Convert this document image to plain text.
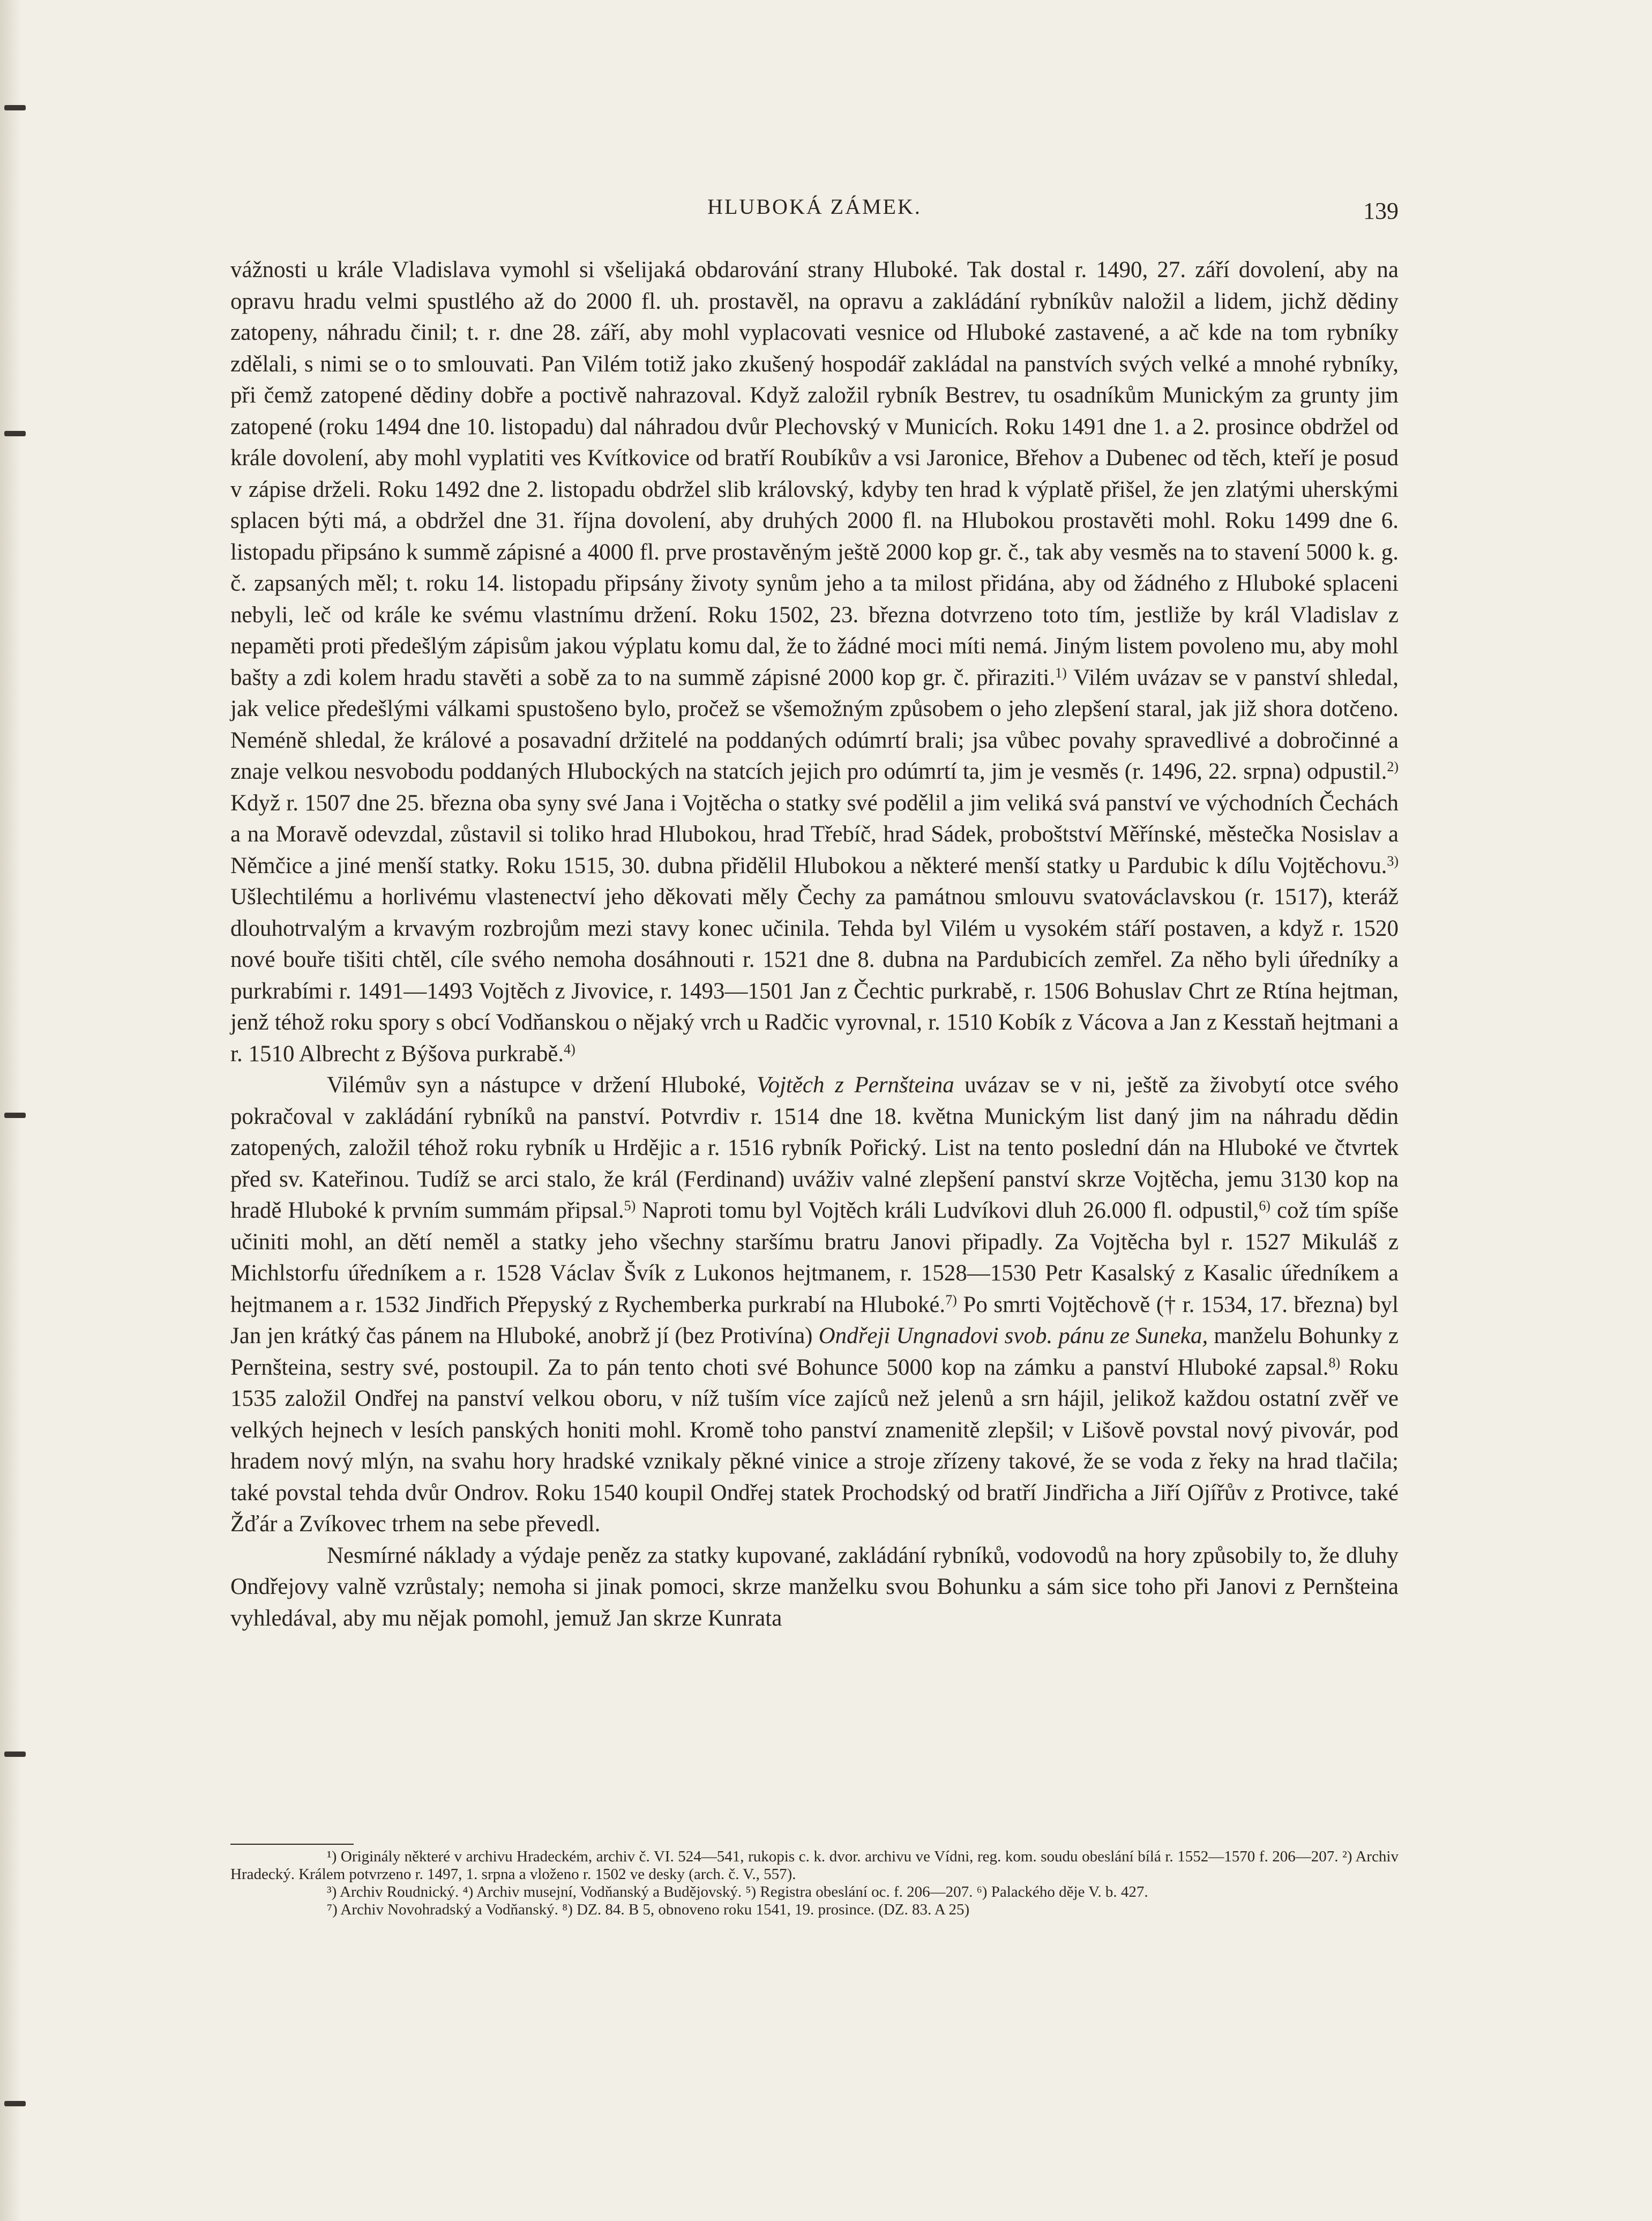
HLUBOKÁ ZÁMEK.	139

vážnosti u krále Vladislava vymohl si všelijaká obdarování strany Hluboké. Tak dostal r. 1490, 27. září dovolení, aby na opravu hradu velmi spustlého až do 2000 fl. uh. prostavěl, na opravu a zakládání rybníkův naložil a lidem, jichž dědiny zatopeny, náhradu činil; t. r. dne 28. září, aby mohl vyplacovati vesnice od Hluboké zastavené, a ač kde na tom rybníky zdělali, s nimi se o to smlouvati. Pan Vilém totiž jako zkušený hospodář zakládal na panstvích svých velké a mnohé rybníky, při čemž zatopené dědiny dobře a poctivě nahrazoval. Když založil rybník Bestrev, tu osadníkům Munickým za grunty jim zatopené (roku 1494 dne 10. listopadu) dal náhradou dvůr Plechovský v Municích. Roku 1491 dne 1. a 2. prosince obdržel od krále dovolení, aby mohl vyplatiti ves Kvítkovice od bratří Roubíkův a vsi Jaronice, Břehov a Dubenec od těch, kteří je posud v zápise drželi. Roku 1492 dne 2. listopadu obdržel slib královský, kdyby ten hrad k výplatě přišel, že jen zlatými uherskými splacen býti má, a obdržel dne 31. října dovolení, aby druhých 2000 fl. na Hlubokou prostavěti mohl. Roku 1499 dne 6. listopadu připsáno k summě zápisné a 4000 fl. prve prostavěným ještě 2000 kop gr. č., tak aby vesměs na to stavení 5000 k. g. č. zapsaných měl; t. roku 14. listopadu připsány životy synům jeho a ta milost přidána, aby od žádného z Hluboké splaceni nebyli, leč od krále ke svému vlastnímu držení. Roku 1502, 23. března dotvrzeno toto tím, jestliže by král Vladislav z nepaměti proti předešlým zápisům jakou výplatu komu dal, že to žádné moci míti nemá. Jiným listem povoleno mu, aby mohl bašty a zdi kolem hradu stavěti a sobě za to na summě zápisné 2000 kop gr. č. přiraziti.$^{1)}$ Vilém uvázav se v panství shledal, jak velice předešlými válkami spustošeno bylo, pročež se všemožným způsobem o jeho zlepšení staral, jak již shora dotčeno. Neméně shledal, že králové a posavadní držitelé na poddaných odúmrtí brali; jsa vůbec povahy spravedlivé a dobročinné a znaje velkou nesvobodu poddaných Hlubockých na statcích jejich pro odúmrtí ta, jim je vesměs (r. 1496, 22. srpna) odpustil.$^{2)}$ Když r. 1507 dne 25. března oba syny své Jana i Vojtěcha o statky své podělil a jim veliká svá panství ve východních Čechách a na Moravě odevzdal, zůstavil si toliko hrad Hlubokou, hrad Třebíč, hrad Sádek, proboštství Měřínské, městečka Nosislav a Němčice a jiné menší statky. Roku 1515, 30. dubna přidělil Hlubokou a některé menší statky u Pardubic k dílu Vojtěchovu.$^{3)}$ Ušlechtilému a horlivému vlastenectví jeho děkovati měly Čechy za památnou smlouvu svatováclavskou (r. 1517), kteráž dlouhotrvalým a krvavým rozbrojům mezi stavy konec učinila. Tehda byl Vilém u vysokém stáří postaven, a když r. 1520 nové bouře tišiti chtěl, cíle svého nemoha dosáhnouti r. 1521 dne 8. dubna na Pardubicích zemřel. Za něho byli úředníky a purkrabími r. 1491—1493 Vojtěch z Jivovice, r. 1493—1501 Jan z Čechtic purkrabě, r. 1506 Bohuslav Chrt ze Rtína hejtman, jenž téhož roku spory s obcí Vodňanskou o nějaký vrch u Radčic vyrovnal, r. 1510 Kobík z Vácova a Jan z Kesstaň hejtmani a r. 1510 Albrecht z Býšova purkrabě.$^{4)}$

Vilémův syn a nástupce v držení Hluboké, Vojtěch z Pernšteina uvázav se v ni, ještě za živobytí otce svého pokračoval v zakládání rybníků na panství. Potvrdiv r. 1514 dne 18. května Munickým list daný jim na náhradu dědin zatopených, založil téhož roku rybník u Hrdějic a r. 1516 rybník Pořický. List na tento poslední dán na Hluboké ve čtvrtek před sv. Kateřinou. Tudíž se arci stalo, že král (Ferdinand) uváživ valné zlepšení panství skrze Vojtěcha, jemu 3130 kop na hradě Hluboké k prvním summám připsal.$^{5)}$ Naproti tomu byl Vojtěch králi Ludvíkovi dluh 26.000 fl. odpustil,$^{6)}$ což tím spíše učiniti mohl, an dětí neměl a statky jeho všechny staršímu bratru Janovi připadly. Za Vojtěcha byl r. 1527 Mikuláš z Michlstorfu úředníkem a r. 1528 Václav Švík z Lukonos hejtmanem, r. 1528—1530 Petr Kasalský z Kasalic úředníkem a hejtmanem a r. 1532 Jindřich Přepyský z Rychemberka purkrabí na Hluboké.$^{7)}$ Po smrti Vojtěchově († r. 1534, 17. března) byl Jan jen krátký čas pánem na Hluboké, anobrž jí (bez Protivína) Ondřeji Ungnadovi svob. pánu ze Suneka, manželu Bohunky z Pernšteina, sestry své, postoupil. Za to pán tento choti své Bohunce 5000 kop na zámku a panství Hluboké zapsal.$^{8)}$ Roku 1535 založil Ondřej na panství velkou oboru, v níž tuším více zajíců než jelenů a srn hájil, jelikož každou ostatní zvěř ve velkých hejnech v lesích panských honiti mohl. Kromě toho panství znamenitě zlepšil; v Lišově povstal nový pivovár, pod hradem nový mlýn, na svahu hory hradské vznikaly pěkné vinice a stroje zřízeny takové, že se voda z řeky na hrad tlačila; také povstal tehda dvůr Ondrov. Roku 1540 koupil Ondřej statek Prochodský od bratří Jindřicha a Jiří Ojířův z Protivce, také Žďár a Zvíkovec trhem na sebe převedl.

Nesmírné náklady a výdaje peněz za statky kupované, zakládání rybníků, vodovodů na hory způsobily to, že dluhy Ondřejovy valně vzrůstaly; nemoha si jinak pomoci, skrze manželku svou Bohunku a sám sice toho při Janovi z Pernšteina vyhledával, aby mu nějak pomohl, jemuž Jan skrze Kunrata

¹) Originály některé v archivu Hradeckém, archiv č. VI. 524—541, rukopis c. k. dvor. archivu ve Vídni, reg. kom. soudu obeslání bílá r. 1552—1570 f. 206—207. ²) Archiv Hradecký. Králem potvrzeno r. 1497, 1. srpna a vloženo r. 1502 ve desky (arch. č. V., 557).

³) Archiv Roudnický. ⁴) Archiv musejní, Vodňanský a Budějovský. ⁵) Registra obeslání oc. f. 206—207. ⁶) Palackého děje V. b. 427.

⁷) Archiv Novohradský a Vodňanský. ⁸) DZ. 84. B 5, obnoveno roku 1541, 19. prosince. (DZ. 83. A 25)
